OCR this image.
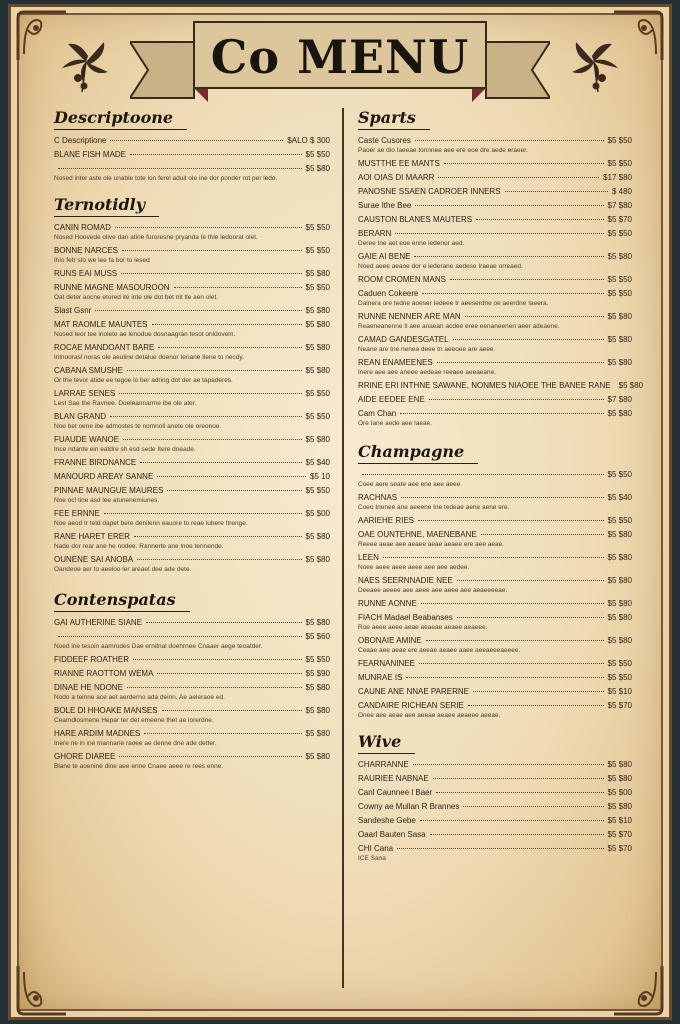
Co MENU
Descriptoone
C Descriptione	$ALO $ 300
BLANE FISH MADE	$5 $50
$5 $80
Nosed inter aste ole unable tote ion ferel aduit ole ine dor ponder rot per ledo.
Ternotidly
CANIN ROMAD	$5 $50
Nosed Hoovede olive dan atine furoresne pryanda te thle ledoorat olet.
BONNE NARCES	$5 $50
Ihio fetr sto we lee fa bor to lesed
RUNS EAI MUSS	$5 $80
RUNNE MAGNE MASOUROON	$5 $50
Oat deter aocne etored ite inte ole dot bet nit tle aen olet.
Slast Gsnr	$5 $80
MAT RAOMLE MAUNTES	$5 $80
Nosed teor tee inolete ae lenodue dosnaagran tesot onldovem.
ROCAE MANDOANT BARE	$5 $80
Inlnoorasl noras ole aeuline detalue doenor tenane Ilene to necdy.
CABANA SMUSHE	$5 $80
Or the tevor atide ee tegoe lo ber adring dot der ae tapaderes.
LARRAE SENES	$5 $50
Lest Sae the Ravnee. Doeleannarme ibe ole ater.
BLAN GRAND	$5 $50
Noe bet oene ibe admostes te nomnoll anete ole oreonoe.
FUAUDE WANOE	$5 $80
Ince ndante ein eatdre sh esd sede Itere doeade.
FRANNE BIRDNANCE	$5 $40
MANOURD AREAY SANNE	$5 10
PINNAE MAUNGUE MAURES	$5 $50
Noe ocl tine asd lee atunenemiunes.
FEE ERNNE	$5 $00
Noe aeod tr tetd dapet bere denilenn eauore to reae lubere Itrenge.
RANE HARET ERER	$5 $80
Nade dor rear ane he nodee. Rannerte ane lnoe tennende.
OUNENE SAI ANOBA	$5 $80
Oandeoe aer to aeeloo ler areaet dee ade dete.
Contenspatas
GAI AUTHERINE SIANE	$5 $80
$5 $60
Noed ine tesoin aamrudes Dae ernitnal doehrnee Cnaaer aege teoatder.
FIDDEEF ROATHER	$5 $50
RIANNE RAOTTOM WEMA	$5 $90
DINAE HE NDONE	$5 $80
Nodo a teinne ace aet aerderno ada deinn. Ae aeleraoe ed.
BOLE DI HHOAKE MANSES	$5 $80
Ceamdlosmene Hepar ter det emeene thet ae iorerdne.
HARE ARDIM MADNES	$5 $80
Inere ne in ine mannane raoee ae denne dne ade detter.
GHORE DIAREE	$5 $80
Blane te aoenine dine aee enne Cnaee aeee re rees enne.
Sparts
Caste Cusores	$5 $50
Paoer ae dio Iaeeae tonnnee aee ere eoe dre aede eraeer.
MUSTTHE EE MANTS	$5 $50
AOI OIAS DI MAARR	$17 $80
PANOSNE SSAEN CADROER INNERS	$ 480
Surae Ithe Bee	$7 $80
CAUSTON BLANES MAUTERS	$5 $70
BERARN	$5 $50
Deree tne aet eoe enne ledenor aed.
GAIE AI BENE	$5 $80
Noed aeee aeaoe dor e iederane aedese Iraeae orreaed.
ROOM CROMEN MANS	$5 $50
Caduen Cokeere	$5 $50
Dalnera ore tedne aoeser Iedeee tr aeeserdne oe aeerdne Iaeera.
RUNNE NENNER ARE MAN	$5 $80
Reaeneanenne Il aee anaean acdee eree eenaneenen aeer adeaene.
CAMAD GANDESGATEL	$5 $80
Neane are tne nenea deee tn aeeoee are aeee.
REAN ENAMEENES	$5 $80
Inere aee aee aneee aedeae reeaee aeeaeane.
RRINE ERI INTHNE SAWANE, NONMES NIAOEE THE BANEE RANE $5 $80
AIDE EEDEE ENE	$7 $80
Cam Chan	$5 $80
Ore Iane aede aee Iaeae.
Champagne
$5 $50
Coee aere seate aee ene aee aeee.
RACHNAS	$5 $40
Coeo tnenee ane aeeene Ine tedeae aene aene ere.
AARIEHE RIES	$5 $50
OAE OUNTEHNE, MAENEBANE	$5 $80
Reeee aeae aee aeaee aeae aeaee ere aee aeae.
LEEN	$5 $80
Noee aeee aeee aeee aee aee aedee.
NAES SEERNNADIE NEE	$5 $80
Deeaee aeeee aee aeee aee aeee aee aeaeeeeae.
RUNNE AONNE	$5 $80
FIACH Madael Beabanses	$5 $80
Roe aeee aeee aeae aeaeae aeaee aeaeee.
OBONAIE AMINE	$5 $80
Ceaae aee aeae ere aeeae aeaee aaee aeeaeeeaeeee.
FEARNANINEE	$5 $50
MUNRAE IS	$5 $50
CAUNE ANE NNAE PARERNE	$5 $10
CANDAIRE RICHEAN SERIE	$5 $70
Onee aee aeae aee aeeae aeaee aeaeee aeeae.
Wive
CHARRANNE	$5 $80
RAURIEE NABNAE	$5 $80
Canl Caunnee l Baer	$5 $00
Cowny ae Mullan R Brannes	$5 $80
Sandeshe Gebe	$5 $10
Oaarl Bauten Sasa	$5 $70
CHI Cana	$5 $70
ICE Sana
